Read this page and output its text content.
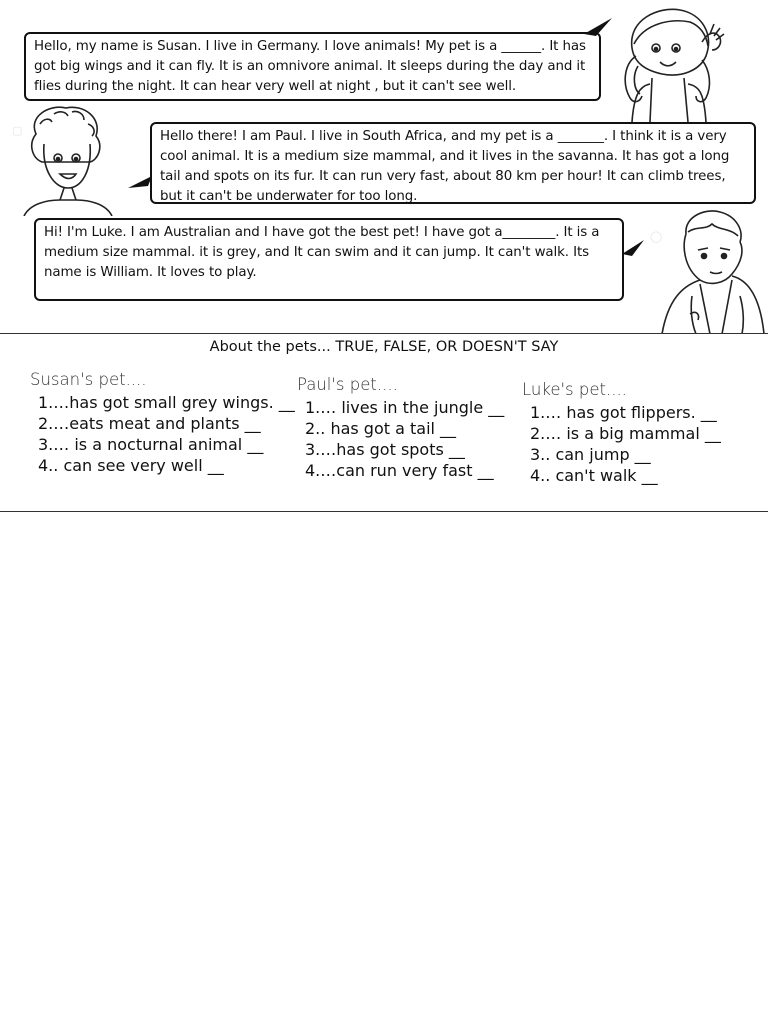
Hello, my name is Susan. I live in Germany. I love animals! My pet is a ______. It has got big wings and it can fly. It is an omnivore animal. It sleeps during the day and it flies during the night. It can hear very well at night , but it can't see well.
Hello there! I am Paul. I live in South Africa, and my pet is a _______. I think it is a very cool animal. It is a medium size mammal, and it lives in the savanna. It has got a long tail and spots on its fur. It can run very fast, about 80 km per hour! It can climb trees, but it can't be underwater for too long.
Hi! I'm Luke. I am Australian and I have got the best pet! I have got a________. It is a medium size mammal. it is grey, and It can swim and it can jump. It can't walk. Its name is William. It loves to play.
▢
◯
About the pets... TRUE, FALSE, OR DOESN'T SAY
Susan's pet....
1.…has got small grey wings. __
2.…eats meat and plants __
3.… is a nocturnal animal __
4.. can see very well __
Paul's pet....
1.… lives in the jungle __
2.. has got a tail __
3.…has got spots __
4.…can run very fast __
Luke's pet....
1.… has got flippers. __
2.… is a big mammal __
3.. can jump __
4.. can't walk __
